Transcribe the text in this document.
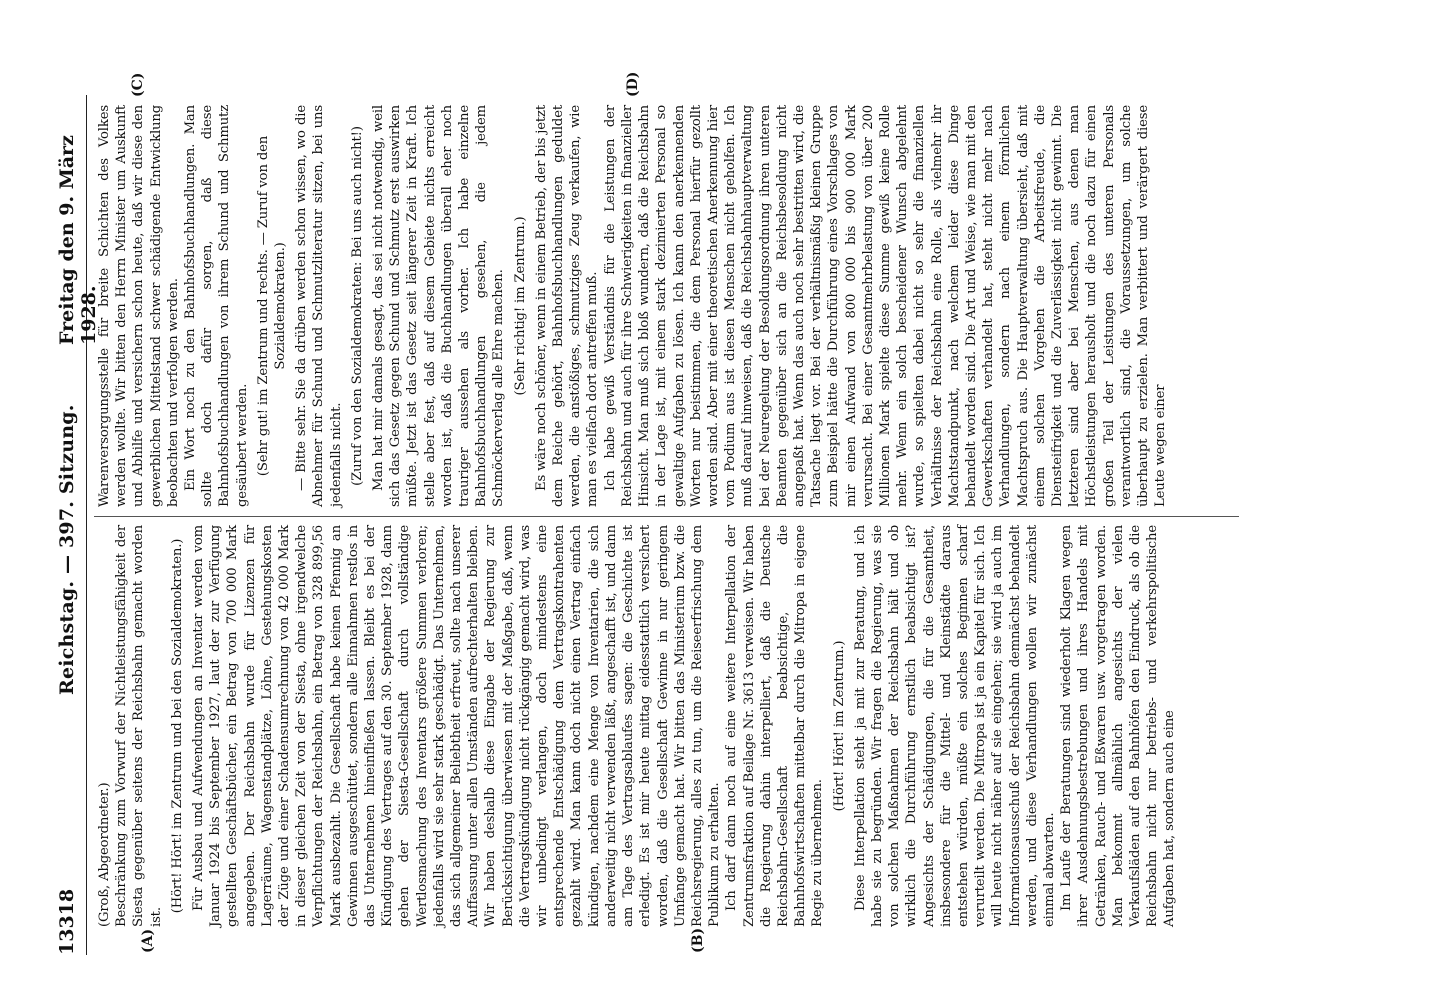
13318
Reichstag. — 397. Sitzung.
Freitag den 9. März 1928.

(Groß, Abgeordneter.) Beschränkung zum Vorwurf der Nichtleistungsfähigkeit der Siesta gegenüber seitens der Reichsbahn gemacht worden ist.

(Hört! Hört! im Zentrum und bei den Sozialdemokraten.) Für Ausbau und Aufwendungen an Inventar werden vom Januar 1924 bis September 1927, laut der zur Verfügung gestellten Geschäftsbücher, ein Betrag von 700 000 Mark angegeben. Der Reichsbahn wurde für Lizenzen für Lagerräume, Wagenstandplätze, Löhne, Gestehungskosten der Züge und einer Schadensumrechnung von 42 000 Mark in dieser gleichen Zeit von der Siesta, ohne irgendwelche Verpflichtungen der Reichsbahn, ein Betrag von 328 899,56 Mark ausbezahlt. Die Gesellschaft habe keinen Pfennig an Gewinnen ausgeschüttet, sondern alle Einnahmen restlos in das Unternehmen hineinfließen lassen. Bleibt es bei der Kündigung des Vertrages auf den 30. September 1928, dann gehen der Siesta-Gesellschaft durch vollständige Wertlosmachung des Inventars größere Summen verloren; jedenfalls wird sie sehr stark geschädigt. Das Unternehmen, das sich allgemeiner Beliebtheit erfreut, sollte nach unserer Auffassung unter allen Umständen aufrechterhalten bleiben. Wir haben deshalb diese Eingabe der Regierung zur Berücksichtigung überwiesen mit der Maßgabe, daß, wenn die Vertragskündigung nicht rückgängig gemacht wird, was wir unbedingt verlangen, doch mindestens eine entsprechende Entschädigung dem Vertragskontrahenten gezahlt wird. Man kann doch nicht einen Vertrag einfach kündigen, nachdem eine Menge von Inventarien, die sich anderweitig nicht verwenden läßt, angeschafft ist, und dann am Tage des Vertragsablaufes sagen: die Geschichte ist erledigt. Es ist mir heute mittag eidesstattlich versichert worden, daß die Gesellschaft Gewinne in nur geringem Umfange gemacht hat. Wir bitten das Ministerium bzw. die Reichsregierung, alles zu tun, um die Reiseerfrischung dem Publikum zu erhalten. Ich darf dann noch auf eine weitere Interpellation der Zentrumsfraktion auf Beilage Nr. 3613 verweisen. Wir haben die Regierung dahin interpelliert, daß die Deutsche Reichsbahn-Gesellschaft beabsichtige, die Bahnhofswirtschaften mittelbar durch die Mitropa in eigene Regie zu übernehmen.

(Hört! Hört! im Zentrum.) Diese Interpellation steht ja mit zur Beratung, und ich habe sie zu begründen. Wir fragen die Regierung, was sie von solchen Maßnahmen der Reichsbahn hält und ob wirklich die Durchführung ernstlich beabsichtigt ist? Angesichts der Schädigungen, die für die Gesamtheit, insbesondere für die Mittel- und Kleinstädte daraus entstehen würden, müßte ein solches Beginnen scharf verurteilt werden. Die Mitropa ist ja ein Kapitel für sich. Ich will heute nicht näher auf sie eingehen; sie wird ja auch im Informationsausschuß der Reichsbahn demnächst behandelt werden, und diese Verhandlungen wollen wir zunächst einmal abwarten. Im Laufe der Beratungen sind wiederholt Klagen wegen ihrer Ausdehnungsbestrebungen und ihres Handels mit Getränken, Rauch- und Eßwaren usw. vorgetragen worden. Man bekommt allmählich angesichts der vielen Verkaufsläden auf den Bahnhöfen den Eindruck, als ob die Reichsbahn nicht nur betriebs- und verkehrspolitische Aufgaben hat, sondern auch eine

Warenversorgungsstelle für breite Schichten des Volkes werden wollte. Wir bitten den Herrn Minister um Auskunft und Abhilfe und versichern schon heute, daß wir diese den gewerblichen Mittelstand schwer schädigende Entwicklung beobachten und verfolgen werden. Ein Wort noch zu den Bahnhofsbuchhandlungen. Man sollte doch dafür sorgen, daß diese Bahnhofsbuchhandlungen von ihrem Schund und Schmutz gesäubert werden. (Sehr gut! im Zentrum und rechts. — Zuruf von den Sozialdemokraten.) — Bitte sehr. Sie da drüben werden schon wissen, wo die Abnehmer für Schund und Schmutzliteratur sitzen, bei uns jedenfalls nicht. (Zuruf von den Sozialdemokraten: Bei uns auch nicht!) Man hat mir damals gesagt, das sei nicht notwendig, weil sich das Gesetz gegen Schund und Schmutz erst auswirken müßte. Jetzt ist das Gesetz seit längerer Zeit in Kraft. Ich stelle aber fest, daß auf diesem Gebiete nichts erreicht worden ist, daß die Buchhandlungen überall eher noch trauriger aussehen als vorher. Ich habe einzelne Bahnhofsbuchhandlungen gesehen, die jedem Schmöckerverlag alle Ehre machen. (Sehr richtig! im Zentrum.) Es wäre noch schöner, wenn in einem Betrieb, der bis jetzt dem Reiche gehört, Bahnhofsbuchhandlungen geduldet werden, die anstößiges, schmutziges Zeug verkaufen, wie man es vielfach dort antreffen muß. Ich habe gewiß Verständnis für die Leistungen der Reichsbahn und auch für ihre Schwierigkeiten in finanzieller Hinsicht. Man muß sich bloß wundern, daß die Reichsbahn in der Lage ist, mit einem stark dezimierten Personal so gewaltige Aufgaben zu lösen. Ich kann den anerkennenden Worten nur beistimmen, die dem Personal hierfür gezollt worden sind. Aber mit einer theoretischen Anerkennung hier vom Podium aus ist diesen Menschen nicht geholfen. Ich muß darauf hinweisen, daß die Reichsbahnhauptverwaltung bei der Neuregelung der Besoldungsordnung ihren unteren Beamten gegenüber sich an die Reichsbesoldung nicht angepaßt hat. Wenn das auch noch sehr bestritten wird, die Tatsache liegt vor. Bei der verhältnismäßig kleinen Gruppe zum Beispiel hätte die Durchführung eines Vorschlages von mir einen Aufwand von 800 000 bis 900 000 Mark verursacht. Bei einer Gesamtmehrbelastung von über 200 Millionen Mark spielte diese Summe gewiß keine Rolle mehr. Wenn ein solch bescheidener Wunsch abgelehnt wurde, so spielten dabei nicht so sehr die finanziellen Verhältnisse der Reichsbahn eine Rolle, als vielmehr ihr Machtstandpunkt, nach welchem leider diese Dinge behandelt worden sind. Die Art und Weise, wie man mit den Gewerkschaften verhandelt hat, steht nicht mehr nach Verhandlungen, sondern nach einem förmlichen Machtspruch aus. Die Hauptverwaltung übersieht, daß mit einem solchen Vorgehen die Arbeitsfreude, die Diensteifrigkeit und die Zuverlässigkeit nicht gewinnt. Die letzteren sind aber bei Menschen, aus denen man Höchstleistungen herausholt und die noch dazu für einen großen Teil der Leistungen des unteren Personals verantwortlich sind, die Voraussetzungen, um solche überhaupt zu erzielen. Man verbittert und verärgert diese Leute wegen einer

(A)	(B)
(C)	(D)
